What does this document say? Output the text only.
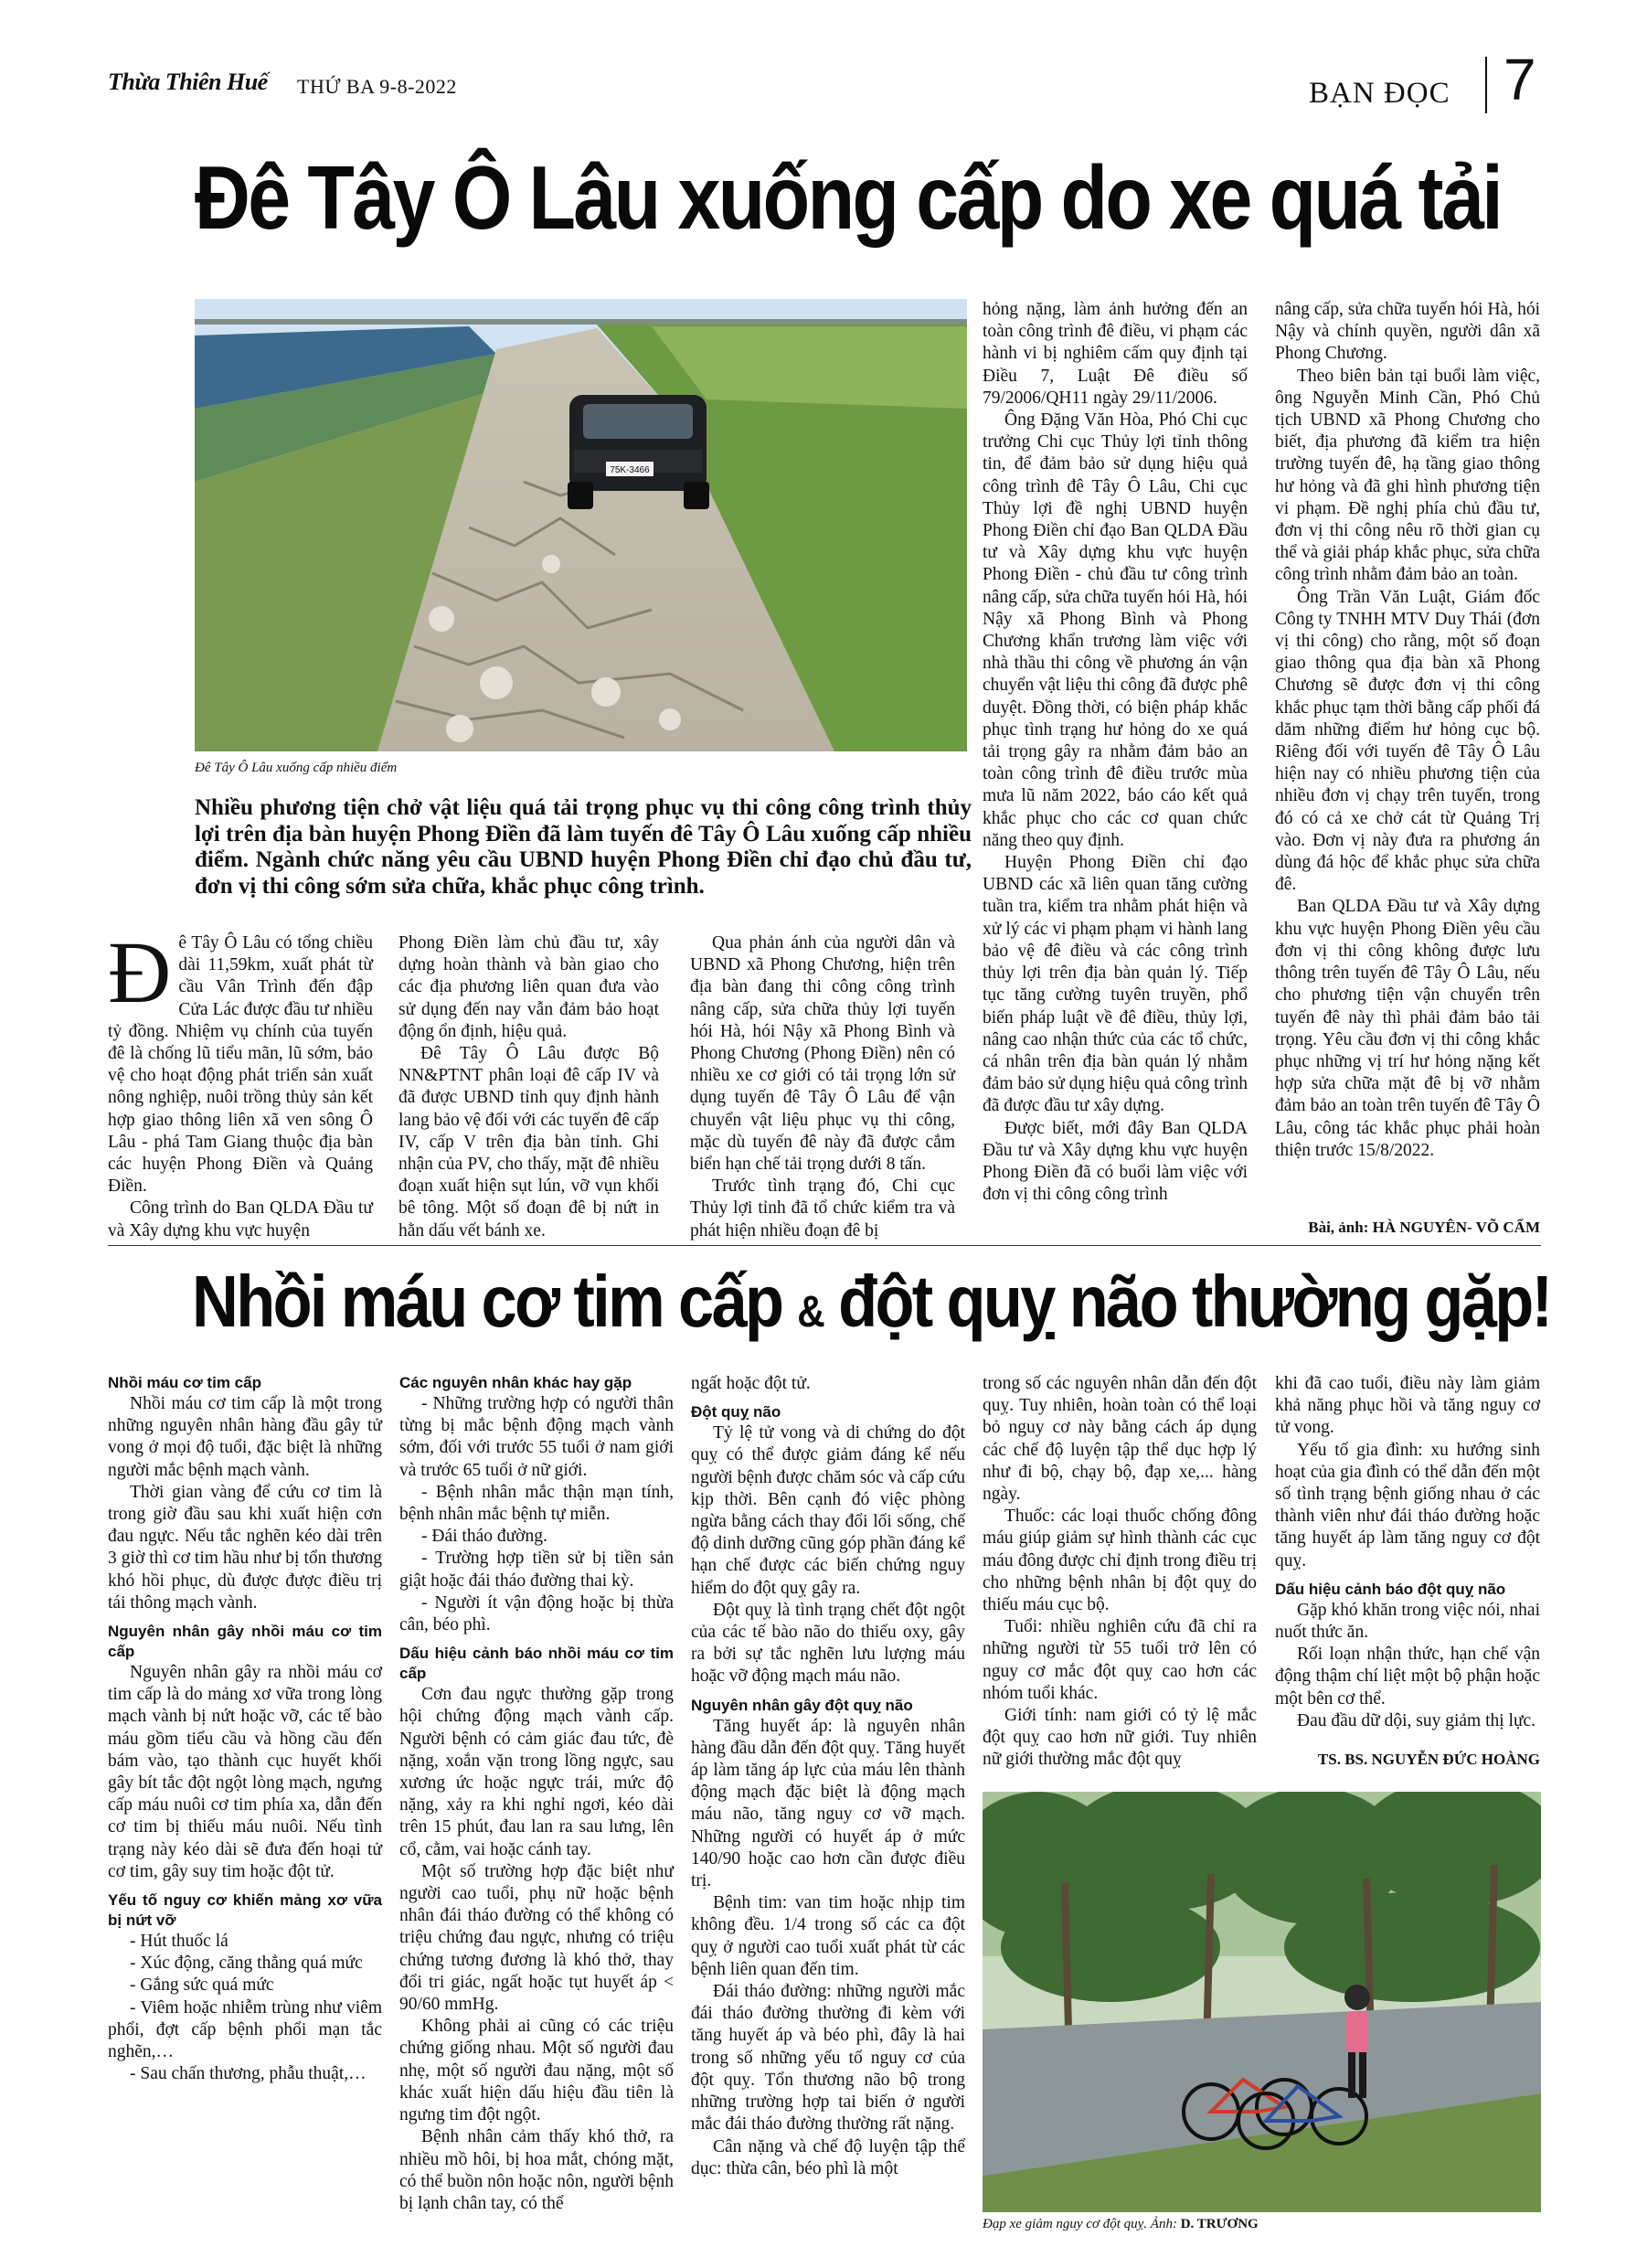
Thừa Thiên Huế THỨ BA 9-8-2022	BẠN ĐỌC 7
Đê Tây Ô Lâu xuống cấp do xe quá tải
75K-3466
Đê Tây Ô Lâu xuống cấp nhiều điểm
Nhiều phương tiện chở vật liệu quá tải trọng phục vụ thi công công trình thủy lợi trên địa bàn huyện Phong Điền đã làm tuyến đê Tây Ô Lâu xuống cấp nhiều điểm. Ngành chức năng yêu cầu UBND huyện Phong Điền chỉ đạo chủ đầu tư, đơn vị thi công sớm sửa chữa, khắc phục công trình.

Đê Tây Ô Lâu có tổng chiều dài 11,59km, xuất phát từ cầu Vân Trình đến đập Cửa Lác được đầu tư nhiều tỷ đồng. Nhiệm vụ chính của tuyến đê là chống lũ tiểu mãn, lũ sớm, bảo vệ cho hoạt động phát triển sản xuất nông nghiệp, nuôi trồng thủy sản kết hợp giao thông liên xã ven sông Ô Lâu - phá Tam Giang thuộc địa bàn các huyện Phong Điền và Quảng Điền.

Công trình do Ban QLDA Đầu tư và Xây dựng khu vực huyện

Phong Điền làm chủ đầu tư, xây dựng hoàn thành và bàn giao cho các địa phương liên quan đưa vào sử dụng đến nay vẫn đảm bảo hoạt động ổn định, hiệu quả.

Đê Tây Ô Lâu được Bộ NN&PTNT phân loại đê cấp IV và đã được UBND tỉnh quy định hành lang bảo vệ đối với các tuyến đê cấp IV, cấp V trên địa bàn tỉnh. Ghi nhận của PV, cho thấy, mặt đê nhiều đoạn xuất hiện sụt lún, vỡ vụn khối bê tông. Một số đoạn đê bị nứt in hằn dấu vết bánh xe.

Qua phản ánh của người dân và UBND xã Phong Chương, hiện trên địa bàn đang thi công công trình nâng cấp, sửa chữa thủy lợi tuyến hói Hà, hói Nậy xã Phong Bình và Phong Chương (Phong Điền) nên có nhiều xe cơ giới có tải trọng lớn sử dụng tuyến đê Tây Ô Lâu để vận chuyển vật liệu phục vụ thi công, mặc dù tuyến đê này đã được cắm biển hạn chế tải trọng dưới 8 tấn.

Trước tình trạng đó, Chi cục Thủy lợi tỉnh đã tổ chức kiểm tra và phát hiện nhiều đoạn đê bị

hỏng nặng, làm ảnh hưởng đến an toàn công trình đê điều, vi phạm các hành vi bị nghiêm cấm quy định tại Điều 7, Luật Đê điều số 79/2006/QH11 ngày 29/11/2006.

Ông Đặng Văn Hòa, Phó Chi cục trưởng Chi cục Thủy lợi tỉnh thông tin, để đảm bảo sử dụng hiệu quả công trình đê Tây Ô Lâu, Chi cục Thủy lợi đề nghị UBND huyện Phong Điền chỉ đạo Ban QLDA Đầu tư và Xây dựng khu vực huyện Phong Điền - chủ đầu tư công trình nâng cấp, sửa chữa tuyến hói Hà, hói Nậy xã Phong Bình và Phong Chương khẩn trương làm việc với nhà thầu thi công về phương án vận chuyển vật liệu thi công đã được phê duyệt. Đồng thời, có biện pháp khắc phục tình trạng hư hỏng do xe quá tải trọng gây ra nhằm đảm bảo an toàn công trình đê điều trước mùa mưa lũ năm 2022, báo cáo kết quả khắc phục cho các cơ quan chức năng theo quy định.

Huyện Phong Điền chỉ đạo UBND các xã liên quan tăng cường tuần tra, kiểm tra nhằm phát hiện và xử lý các vi phạm phạm vi hành lang bảo vệ đê điều và các công trình thủy lợi trên địa bàn quản lý. Tiếp tục tăng cường tuyên truyền, phổ biến pháp luật về đê điều, thủy lợi, nâng cao nhận thức của các tổ chức, cá nhân trên địa bàn quản lý nhằm đảm bảo sử dụng hiệu quả công trình đã được đầu tư xây dựng.

Được biết, mới đây Ban QLDA Đầu tư và Xây dựng khu vực huyện Phong Điền đã có buổi làm việc với đơn vị thi công công trình

nâng cấp, sửa chữa tuyến hói Hà, hói Nậy và chính quyền, người dân xã Phong Chương.

Theo biên bản tại buổi làm việc, ông Nguyễn Minh Cần, Phó Chủ tịch UBND xã Phong Chương cho biết, địa phương đã kiểm tra hiện trường tuyến đê, hạ tầng giao thông hư hỏng và đã ghi hình phương tiện vi phạm. Đề nghị phía chủ đầu tư, đơn vị thi công nêu rõ thời gian cụ thể và giải pháp khắc phục, sửa chữa công trình nhằm đảm bảo an toàn.

Ông Trần Văn Luật, Giám đốc Công ty TNHH MTV Duy Thái (đơn vị thi công) cho rằng, một số đoạn giao thông qua địa bàn xã Phong Chương sẽ được đơn vị thi công khắc phục tạm thời bằng cấp phối đá dăm những điểm hư hỏng cục bộ. Riêng đối với tuyến đê Tây Ô Lâu hiện nay có nhiều phương tiện của nhiều đơn vị chạy trên tuyến, trong đó có cả xe chở cát từ Quảng Trị vào. Đơn vị này đưa ra phương án dùng đá hộc để khắc phục sửa chữa đê.

Ban QLDA Đầu tư và Xây dựng khu vực huyện Phong Điền yêu cầu đơn vị thi công không được lưu thông trên tuyến đê Tây Ô Lâu, nếu cho phương tiện vận chuyển trên tuyến đê này thì phải đảm bảo tải trọng. Yêu cầu đơn vị thi công khắc phục những vị trí hư hỏng nặng kết hợp sửa chữa mặt đê bị vỡ nhằm đảm bảo an toàn trên tuyến đê Tây Ô Lâu, công tác khắc phục phải hoàn thiện trước 15/8/2022.

Bài, ảnh: HÀ NGUYÊN- VÕ CẨM
Nhồi máu cơ tim cấp & đột quỵ não thường gặp!
Nhồi máu cơ tim cấp

Nhồi máu cơ tim cấp là một trong những nguyên nhân hàng đầu gây tử vong ở mọi độ tuổi, đặc biệt là những người mắc bệnh mạch vành.

Thời gian vàng để cứu cơ tim là trong giờ đầu sau khi xuất hiện cơn đau ngực. Nếu tắc nghẽn kéo dài trên 3 giờ thì cơ tim hầu như bị tổn thương khó hồi phục, dù được được điều trị tái thông mạch vành.

Nguyên nhân gây nhồi máu cơ tim cấp

Nguyên nhân gây ra nhồi máu cơ tim cấp là do mảng xơ vữa trong lòng mạch vành bị nứt hoặc vỡ, các tế bào máu gồm tiểu cầu và hồng cầu đến bám vào, tạo thành cục huyết khối gây bít tắc đột ngột lòng mạch, ngưng cấp máu nuôi cơ tim phía xa, dẫn đến cơ tim bị thiếu máu nuôi. Nếu tình trạng này kéo dài sẽ đưa đến hoại tử cơ tim, gây suy tim hoặc đột tử.

Yếu tố nguy cơ khiến mảng xơ vữa bị nứt vỡ

- Hút thuốc lá

- Xúc động, căng thẳng quá mức

- Gắng sức quá mức

- Viêm hoặc nhiễm trùng như viêm phổi, đợt cấp bệnh phổi mạn tắc nghẽn,…

- Sau chấn thương, phẫu thuật,…

Các nguyên nhân khác hay gặp

- Những trường hợp có người thân từng bị mắc bệnh động mạch vành sớm, đối với trước 55 tuổi ở nam giới và trước 65 tuổi ở nữ giới.

- Bệnh nhân mắc thận mạn tính, bệnh nhân mắc bệnh tự miễn.

- Đái tháo đường.

- Trường hợp tiền sử bị tiền sản giật hoặc đái tháo đường thai kỳ.

- Người ít vận động hoặc bị thừa cân, béo phì.

Dấu hiệu cảnh báo nhồi máu cơ tim cấp

Cơn đau ngực thường gặp trong hội chứng động mạch vành cấp. Người bệnh có cảm giác đau tức, đè nặng, xoắn vặn trong lồng ngực, sau xương ức hoặc ngực trái, mức độ nặng, xảy ra khi nghỉ ngơi, kéo dài trên 15 phút, đau lan ra sau lưng, lên cổ, cằm, vai hoặc cánh tay.

Một số trường hợp đặc biệt như người cao tuổi, phụ nữ hoặc bệnh nhân đái tháo đường có thể không có triệu chứng đau ngực, nhưng có triệu chứng tương đương là khó thở, thay đổi tri giác, ngất hoặc tụt huyết áp < 90/60 mmHg.

Không phải ai cũng có các triệu chứng giống nhau. Một số người đau nhẹ, một số người đau nặng, một số khác xuất hiện dấu hiệu đầu tiên là ngưng tim đột ngột.

Bệnh nhân cảm thấy khó thở, ra nhiều mồ hôi, bị hoa mắt, chóng mặt, có thể buồn nôn hoặc nôn, người bệnh bị lạnh chân tay, có thể

ngất hoặc đột tử.

Đột quỵ não

Tỷ lệ tử vong và di chứng do đột quỵ có thể được giảm đáng kể nếu người bệnh được chăm sóc và cấp cứu kịp thời. Bên cạnh đó việc phòng ngừa bằng cách thay đổi lối sống, chế độ dinh dưỡng cũng góp phần đáng kể hạn chế được các biến chứng nguy hiểm do đột quỵ gây ra.

Đột quỵ là tình trạng chết đột ngột của các tế bào não do thiếu oxy, gây ra bởi sự tắc nghẽn lưu lượng máu hoặc vỡ động mạch máu não.

Nguyên nhân gây đột quỵ não

Tăng huyết áp: là nguyên nhân hàng đầu dẫn đến đột quỵ. Tăng huyết áp làm tăng áp lực của máu lên thành động mạch đặc biệt là động mạch máu não, tăng nguy cơ vỡ mạch. Những người có huyết áp ở mức 140/90 hoặc cao hơn cần được điều trị.

Bệnh tim: van tim hoặc nhịp tim không đều. 1/4 trong số các ca đột quỵ ở người cao tuổi xuất phát từ các bệnh liên quan đến tim.

Đái tháo đường: những người mắc đái tháo đường thường đi kèm với tăng huyết áp và béo phì, đây là hai trong số những yếu tố nguy cơ của đột quỵ. Tổn thương não bộ trong những trường hợp tai biến ở người mắc đái tháo đường thường rất nặng.

Cân nặng và chế độ luyện tập thể dục: thừa cân, béo phì là một

trong số các nguyên nhân dẫn đến đột quỵ. Tuy nhiên, hoàn toàn có thể loại bỏ nguy cơ này bằng cách áp dụng các chế độ luyện tập thể dục hợp lý như đi bộ, chạy bộ, đạp xe,... hàng ngày.

Thuốc: các loại thuốc chống đông máu giúp giảm sự hình thành các cục máu đông được chỉ định trong điều trị cho những bệnh nhân bị đột quỵ do thiếu máu cục bộ.

Tuổi: nhiều nghiên cứu đã chỉ ra những người từ 55 tuổi trở lên có nguy cơ mắc đột quỵ cao hơn các nhóm tuổi khác.

Giới tính: nam giới có tỷ lệ mắc đột quỵ cao hơn nữ giới. Tuy nhiên nữ giới thường mắc đột quỵ

khi đã cao tuổi, điều này làm giảm khả năng phục hồi và tăng nguy cơ tử vong.

Yếu tố gia đình: xu hướng sinh hoạt của gia đình có thể dẫn đến một số tình trạng bệnh giống nhau ở các thành viên như đái tháo đường hoặc tăng huyết áp làm tăng nguy cơ đột quỵ.

Dấu hiệu cảnh báo đột quỵ não

Gặp khó khăn trong việc nói, nhai nuốt thức ăn.

Rối loạn nhận thức, hạn chế vận động thậm chí liệt một bộ phận hoặc một bên cơ thể.

Đau đầu dữ dội, suy giảm thị lực.

TS. BS. NGUYỄN ĐỨC HOÀNG
Đạp xe giảm nguy cơ đột quỵ. Ảnh: D. TRƯƠNG
